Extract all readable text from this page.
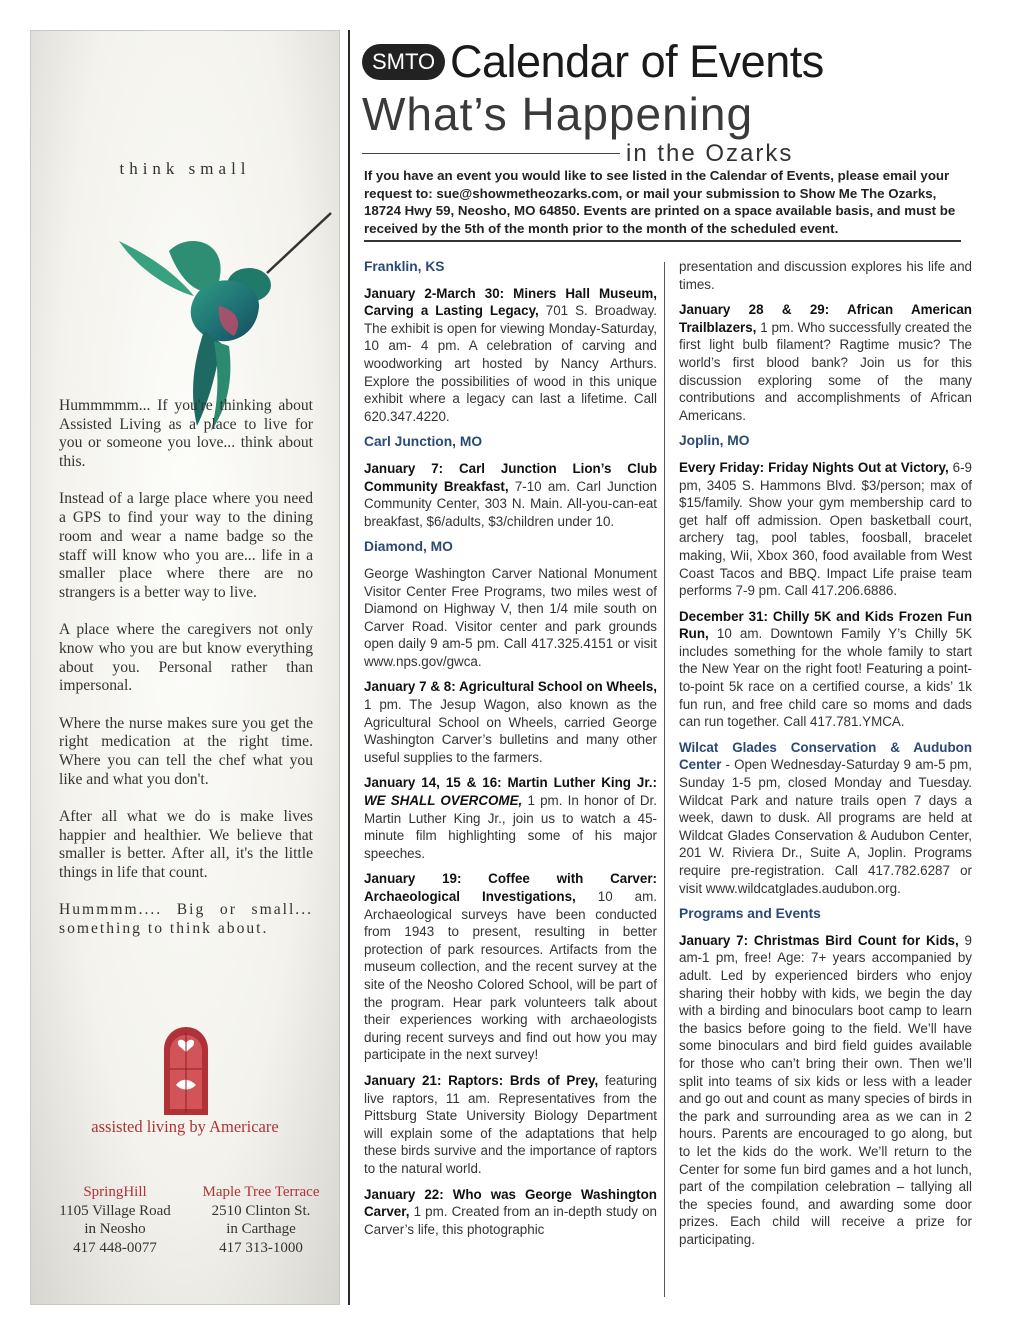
think small

Hummmmm... If you're thinking about Assisted Living as a place to live for you or someone you love... think about this.

Instead of a large place where you need a GPS to find your way to the dining room and wear a name badge so the staff will know who you are... life in a smaller place where there are no strangers is a better way to live.

A place where the caregivers not only know who you are but know everything about you. Personal rather than impersonal.

Where the nurse makes sure you get the right medication at the right time. Where you can tell the chef what you like and what you don't.

After all what we do is make lives happier and healthier. We believe that smaller is better. After all, it's the little things in life that count.

Hummmm.... Big or small... something to think about.

assisted living by Americare
SpringHill
1105 Village Road
in Neosho
417 448-0077
Maple Tree Terrace
2510 Clinton St.
in Carthage
417 313-1000
SMTO Calendar of Events
What’s Happening
in the Ozarks
If you have an event you would like to see listed in the Calendar of Events, please email your request to: sue@showmetheozarks.com, or mail your submission to Show Me The Ozarks, 18724 Hwy 59, Neosho, MO 64850. Events are printed on a space available basis, and must be received by the 5th of the month prior to the month of the scheduled event.
Franklin, KS

January 2-March 30: Miners Hall Museum, Carving a Lasting Legacy, 701 S. Broadway. The exhibit is open for viewing Monday-Saturday, 10 am- 4 pm. A celebration of carving and woodworking art hosted by Nancy Arthurs. Explore the possibilities of wood in this unique exhibit where a legacy can last a lifetime. Call 620.347.4220.

Carl Junction, MO

January 7: Carl Junction Lion’s Club Community Breakfast, 7-10 am. Carl Junction Community Center, 303 N. Main. All-you-can-eat breakfast, $6/adults, $3/children under 10.

Diamond, MO

George Washington Carver National Monument Visitor Center Free Programs, two miles west of Diamond on Highway V, then 1/4 mile south on Carver Road. Visitor center and park grounds open daily 9 am-5 pm. Call 417.325.4151 or visit www.nps.gov/gwca.

January 7 & 8: Agricultural School on Wheels, 1 pm. The Jesup Wagon, also known as the Agricultural School on Wheels, carried George Washington Carver’s bulletins and many other useful supplies to the farmers.

January 14, 15 & 16: Martin Luther King Jr.: WE SHALL OVERCOME, 1 pm. In honor of Dr. Martin Luther King Jr., join us to watch a 45-minute film highlighting some of his major speeches.

January 19: Coffee with Carver: Archaeological Investigations, 10 am. Archaeological surveys have been conducted from 1943 to present, resulting in better protection of park resources. Artifacts from the museum collection, and the recent survey at the site of the Neosho Colored School, will be part of the program. Hear park volunteers talk about their experiences working with archaeologists during recent surveys and find out how you may participate in the next survey!

January 21: Raptors: Brds of Prey, featuring live raptors, 11 am. Representatives from the Pittsburg State University Biology Department will explain some of the adaptations that help these birds survive and the importance of raptors to the natural world.

January 22: Who was George Washington Carver, 1 pm. Created from an in-depth study on Carver’s life, this photographic

presentation and discussion explores his life and times.

January 28 & 29: African American Trailblazers, 1 pm. Who successfully created the first light bulb filament? Ragtime music? The world’s first blood bank? Join us for this discussion exploring some of the many contributions and accomplishments of African Americans.

Joplin, MO

Every Friday: Friday Nights Out at Victory, 6-9 pm, 3405 S. Hammons Blvd. $3/person; max of $15/family. Show your gym membership card to get half off admission. Open basketball court, archery tag, pool tables, foosball, bracelet making, Wii, Xbox 360, food available from West Coast Tacos and BBQ. Impact Life praise team performs 7-9 pm. Call 417.206.6886.

December 31: Chilly 5K and Kids Frozen Fun Run, 10 am. Downtown Family Y’s Chilly 5K includes something for the whole family to start the New Year on the right foot! Featuring a point-to-point 5k race on a certified course, a kids’ 1k fun run, and free child care so moms and dads can run together. Call 417.781.YMCA.

Wilcat Glades Conservation & Audubon Center - Open Wednesday-Saturday 9 am-5 pm, Sunday 1-5 pm, closed Monday and Tuesday. Wildcat Park and nature trails open 7 days a week, dawn to dusk. All programs are held at Wildcat Glades Conservation & Audubon Center, 201 W. Riviera Dr., Suite A, Joplin. Programs require pre-registration. Call 417.782.6287 or visit www.wildcatglades.audubon.org.

Programs and Events

January 7: Christmas Bird Count for Kids, 9 am-1 pm, free! Age: 7+ years accompanied by adult. Led by experienced birders who enjoy sharing their hobby with kids, we begin the day with a birding and binoculars boot camp to learn the basics before going to the field. We’ll have some binoculars and bird field guides available for those who can’t bring their own. Then we’ll split into teams of six kids or less with a leader and go out and count as many species of birds in the park and surrounding area as we can in 2 hours. Parents are encouraged to go along, but to let the kids do the work. We’ll return to the Center for some fun bird games and a hot lunch, part of the compilation celebration – tallying all the species found, and awarding some door prizes. Each child will receive a prize for participating.
